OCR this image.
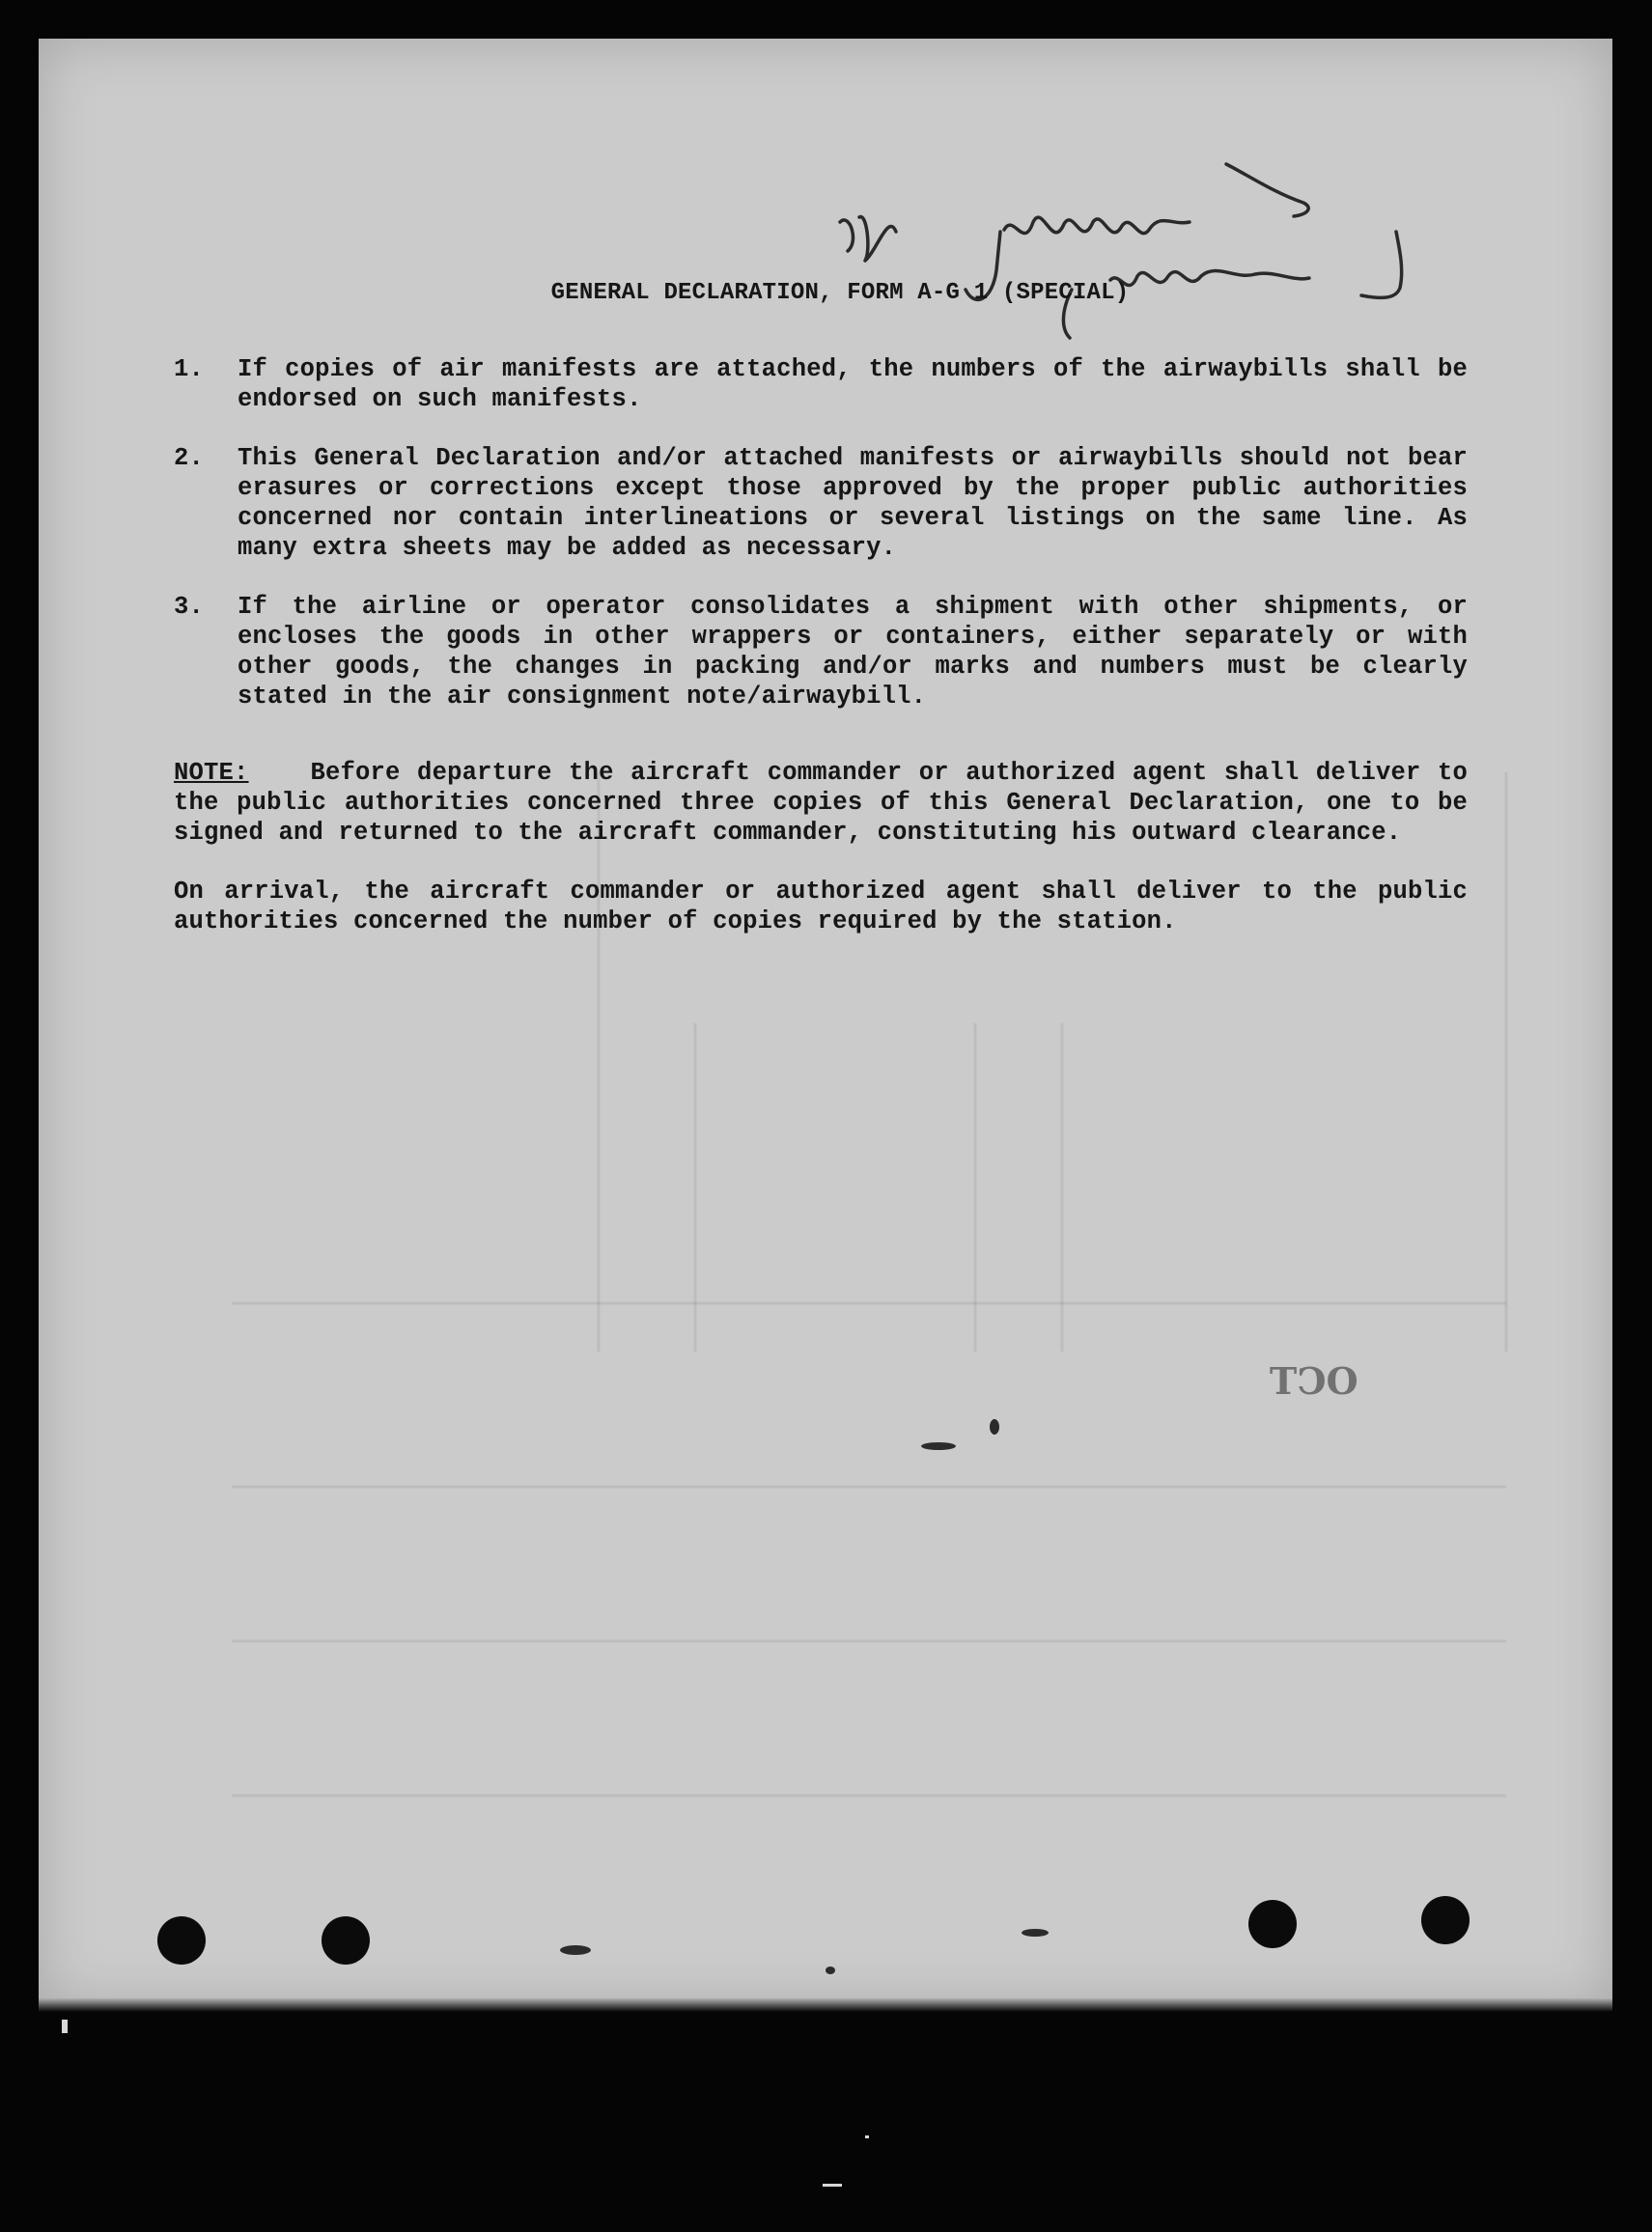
OCT
GENERAL DECLARATION, FORM A-G 1 (SPECIAL)
1.	If copies of air manifests are attached, the numbers of the airwaybills shall be endorsed on such manifests.
2.	This General Declaration and/or attached manifests or airwaybills should not bear erasures or corrections except those approved by the proper public authorities concerned nor contain interlineations or several listings on the same line. As many extra sheets may be added as necessary.
3.	If the airline or operator consolidates a shipment with other shipments, or encloses the goods in other wrappers or containers, either separately or with other goods, the changes in packing and/or marks and numbers must be clearly stated in the air consignment note/airwaybill.
NOTE:	Before departure the aircraft commander or authorized agent shall deliver to the public authorities concerned three copies of this General Declaration, one to be signed and returned to the aircraft commander, constituting his outward clearance.
On arrival, the aircraft commander or authorized agent shall deliver to the public authorities concerned the number of copies required by the station.
